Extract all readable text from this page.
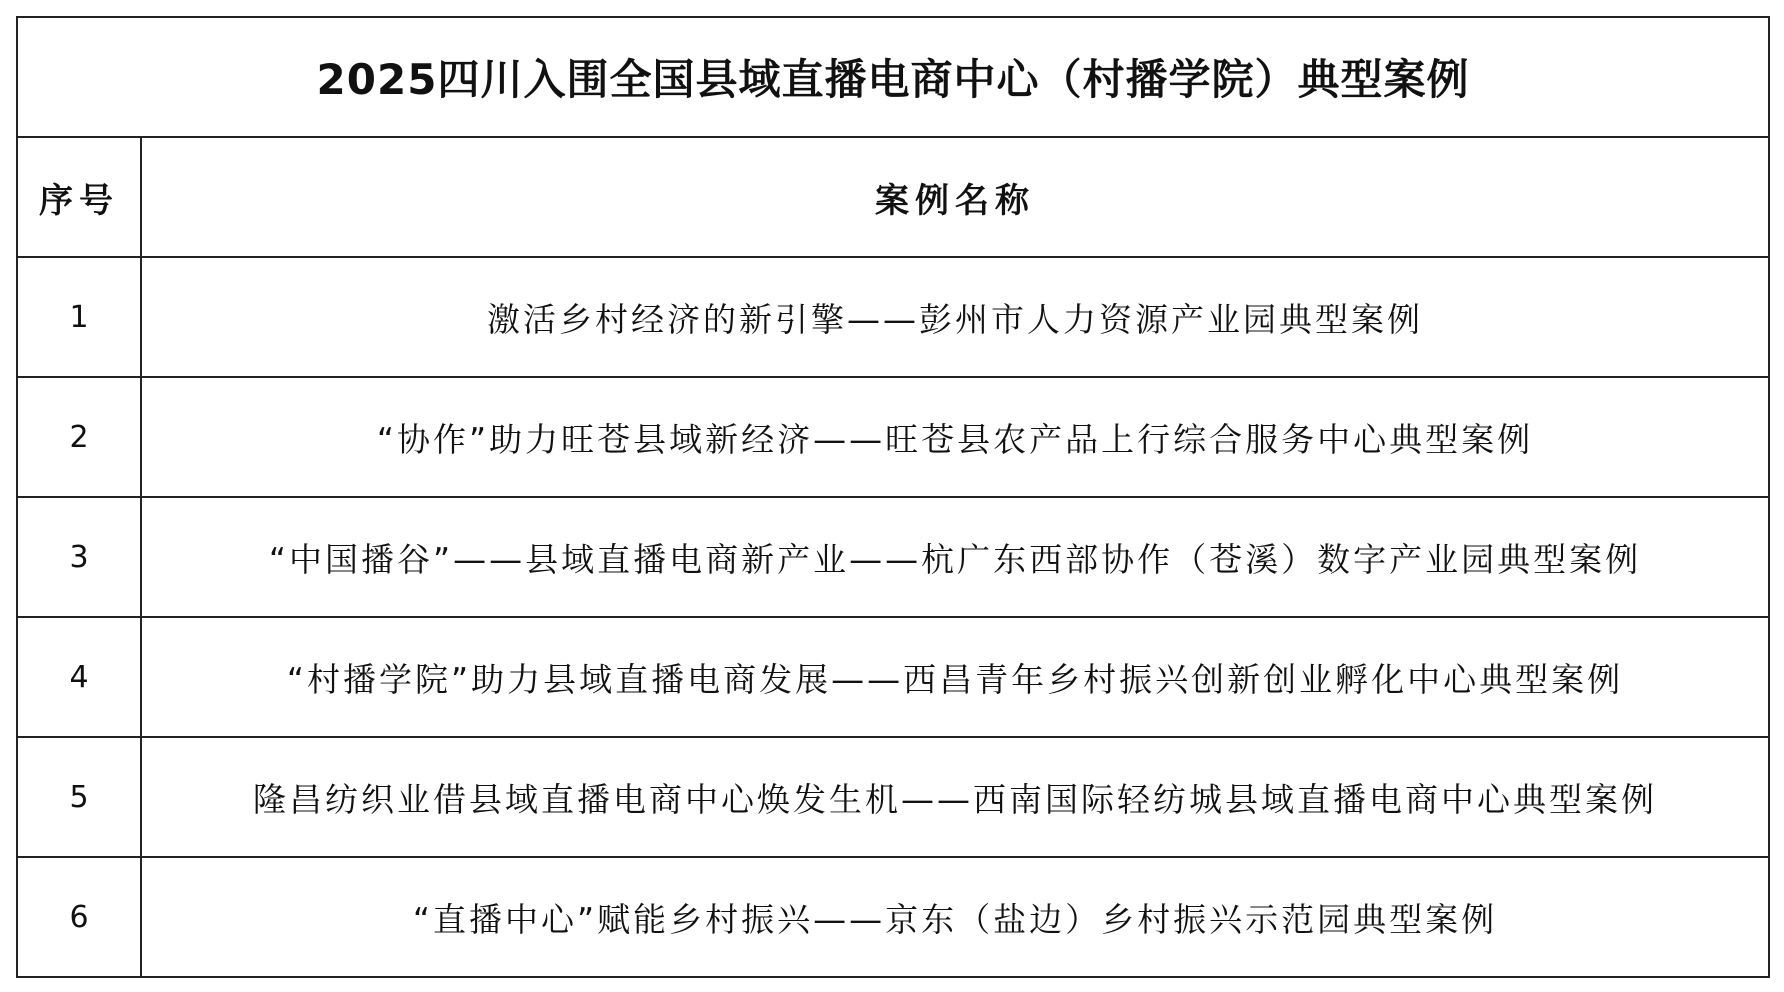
2025四川入围全国县域直播电商中心（村播学院）典型案例	
序号	案例名称
1	激活乡村经济的新引擎——彭州市人力资源产业园典型案例
2	“协作”助力旺苍县域新经济——旺苍县农产品上行综合服务中心典型案例
3	“中国播谷”——县域直播电商新产业——杭广东西部协作（苍溪）数字产业园典型案例
4	“村播学院”助力县域直播电商发展——西昌青年乡村振兴创新创业孵化中心典型案例
5	隆昌纺织业借县域直播电商中心焕发生机——西南国际轻纺城县域直播电商中心典型案例
6	“直播中心”赋能乡村振兴——京东（盐边）乡村振兴示范园典型案例
